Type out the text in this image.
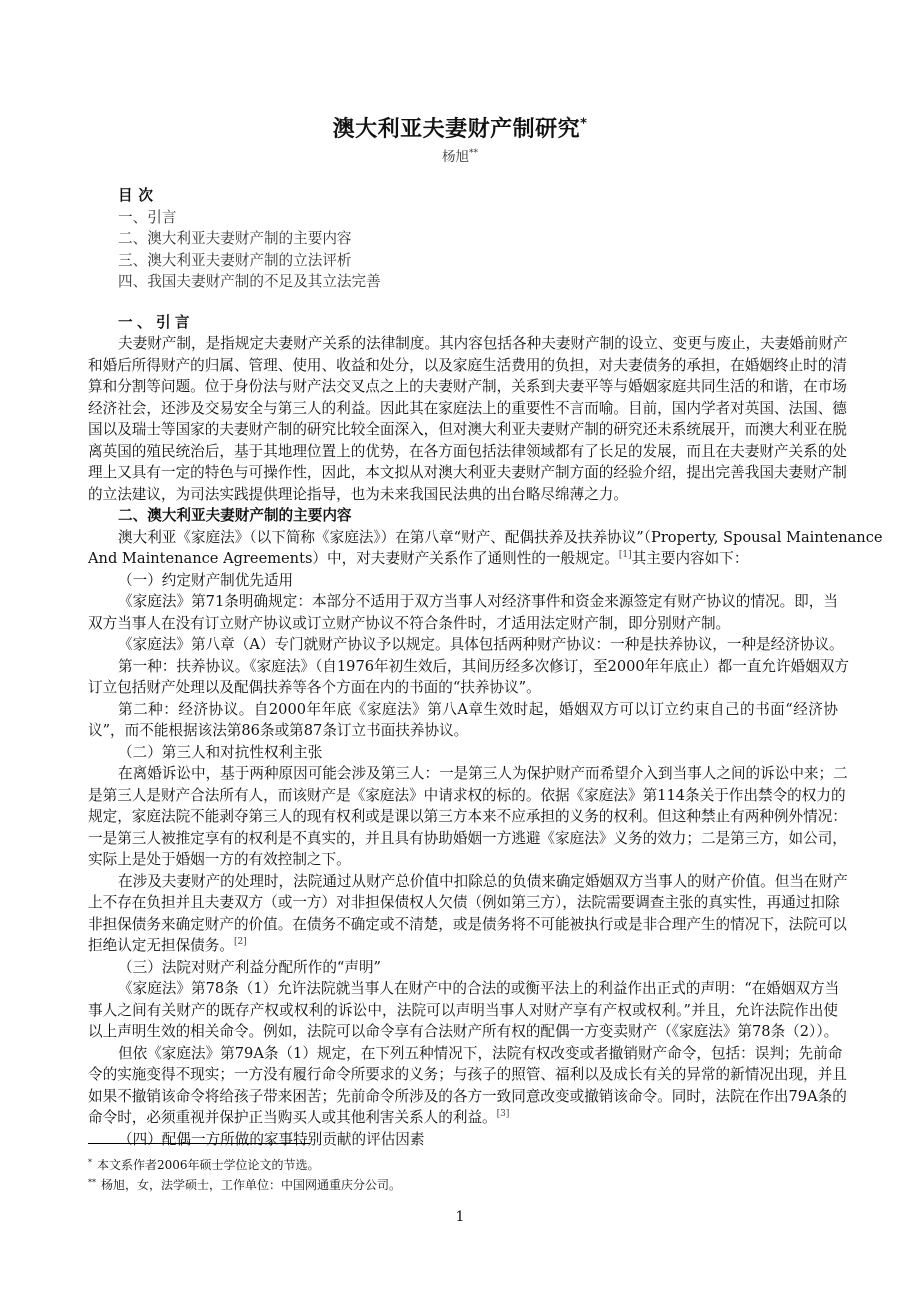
澳大利亚夫妻财产制研究*
杨旭**
目次
一、引言
二、澳大利亚夫妻财产制的主要内容
三、澳大利亚夫妻财产制的立法评析
四、我国夫妻财产制的不足及其立法完善
一、引言
夫妻财产制，是指规定夫妻财产关系的法律制度。其内容包括各种夫妻财产制的设立、变更与废止，夫妻婚前财产
和婚后所得财产的归属、管理、使用、收益和处分，以及家庭生活费用的负担，对夫妻债务的承担，在婚姻终止时的清
算和分割等问题。位于身份法与财产法交叉点之上的夫妻财产制，关系到夫妻平等与婚姻家庭共同生活的和谐，在市场
经济社会，还涉及交易安全与第三人的利益。因此其在家庭法上的重要性不言而喻。目前，国内学者对英国、法国、德
国以及瑞士等国家的夫妻财产制的研究比较全面深入，但对澳大利亚夫妻财产制的研究还未系统展开，而澳大利亚在脱
离英国的殖民统治后，基于其地理位置上的优势，在各方面包括法律领域都有了长足的发展，而且在夫妻财产关系的处
理上又具有一定的特色与可操作性，因此，本文拟从对澳大利亚夫妻财产制方面的经验介绍，提出完善我国夫妻财产制
的立法建议，为司法实践提供理论指导，也为未来我国民法典的出台略尽绵薄之力。
二、澳大利亚夫妻财产制的主要内容
澳大利亚《家庭法》（以下简称《家庭法》）在第八章“财产、配偶扶养及扶养协议”（Property, Spousal Maintenance
And Maintenance Agreements）中，对夫妻财产关系作了通则性的一般规定。[1]其主要内容如下：
（一）约定财产制优先适用
《家庭法》第71条明确规定：本部分不适用于双方当事人对经济事件和资金来源签定有财产协议的情况。即，当
双方当事人在没有订立财产协议或订立财产协议不符合条件时，才适用法定财产制，即分别财产制。
《家庭法》第八章（A）专门就财产协议予以规定。具体包括两种财产协议：一种是扶养协议，一种是经济协议。
第一种：扶养协议。《家庭法》（自1976年初生效后，其间历经多次修订，至2000年年底止）都一直允许婚姻双方
订立包括财产处理以及配偶扶养等各个方面在内的书面的“扶养协议”。
第二种：经济协议。自2000年年底《家庭法》第八A章生效时起，婚姻双方可以订立约束自己的书面“经济协
议”，而不能根据该法第86条或第87条订立书面扶养协议。
（二）第三人和对抗性权利主张
在离婚诉讼中，基于两种原因可能会涉及第三人：一是第三人为保护财产而希望介入到当事人之间的诉讼中来；二
是第三人是财产合法所有人，而该财产是《家庭法》中请求权的标的。依据《家庭法》第114条关于作出禁令的权力的
规定，家庭法院不能剥夺第三人的现有权利或是课以第三方本来不应承担的义务的权利。但这种禁止有两种例外情况：
一是第三人被推定享有的权利是不真实的，并且具有协助婚姻一方逃避《家庭法》义务的效力；二是第三方，如公司，
实际上是处于婚姻一方的有效控制之下。
在涉及夫妻财产的处理时，法院通过从财产总价值中扣除总的负债来确定婚姻双方当事人的财产价值。但当在财产
上不存在负担并且夫妻双方（或一方）对非担保债权人欠债（例如第三方），法院需要调查主张的真实性，再通过扣除
非担保债务来确定财产的价值。在债务不确定或不清楚，或是债务将不可能被执行或是非合理产生的情况下，法院可以
拒绝认定无担保债务。[2]
（三）法院对财产利益分配所作的“声明”
《家庭法》第78条（1）允许法院就当事人在财产中的合法的或衡平法上的利益作出正式的声明：“在婚姻双方当
事人之间有关财产的既存产权或权利的诉讼中，法院可以声明当事人对财产享有产权或权利。”并且，允许法院作出使
以上声明生效的相关命令。例如，法院可以命令享有合法财产所有权的配偶一方变卖财产（《家庭法》第78条（2））。
但依《家庭法》第79A条（1）规定，在下列五种情况下，法院有权改变或者撤销财产命令，包括：误判；先前命
令的实施变得不现实；一方没有履行命令所要求的义务；与孩子的照管、福利以及成长有关的异常的新情况出现，并且
如果不撤销该命令将给孩子带来困苦；先前命令所涉及的各方一致同意改变或撤销该命令。同时，法院在作出79A条的
命令时，必须重视并保护正当购买人或其他利害关系人的利益。[3]
（四）配偶一方所做的家事特别贡献的评估因素
* 本文系作者2006年硕士学位论文的节选。
** 杨旭，女，法学硕士，工作单位：中国网通重庆分公司。
1
